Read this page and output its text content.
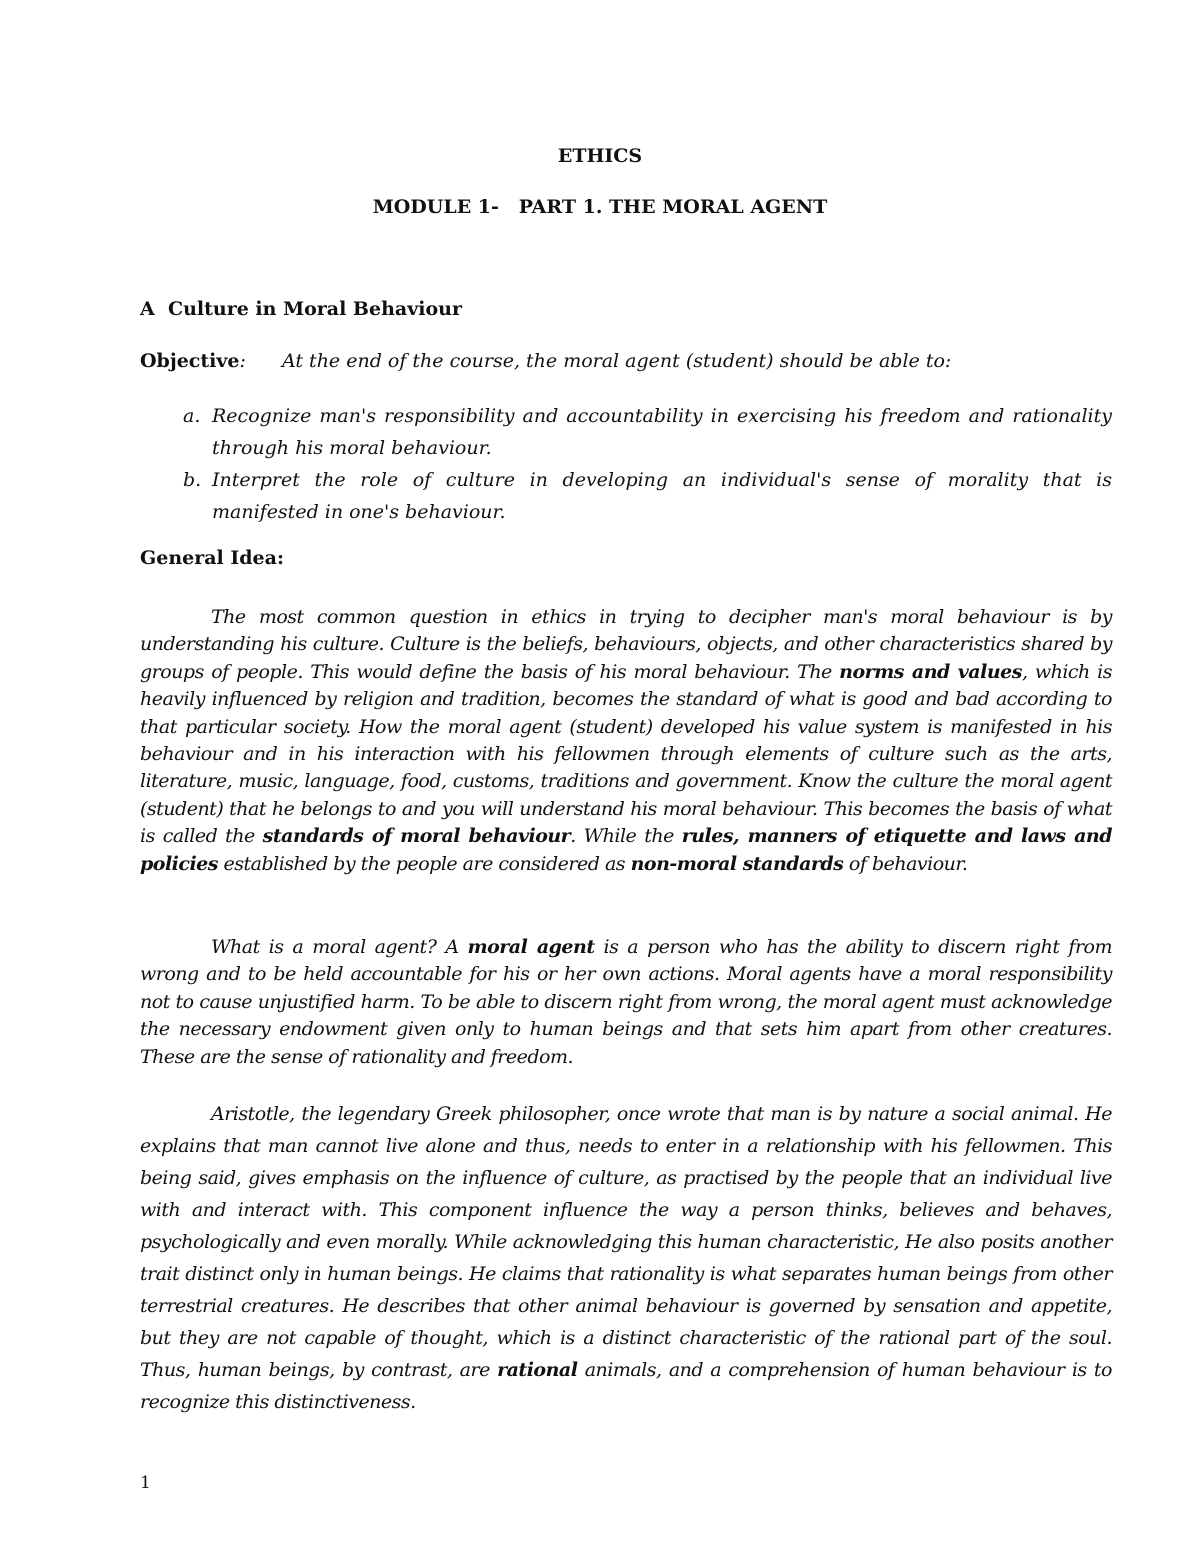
ETHICS
MODULE 1-   PART 1. THE MORAL AGENT
A  Culture in Moral Behaviour
Objective: At the end of the course, the moral agent (student) should be able to:
a. Recognize man's responsibility and accountability in exercising his freedom and rationality through his moral behaviour.
b. Interpret the role of culture in developing an individual's sense of morality that is manifested in one's behaviour.
General Idea:
The most common question in ethics in trying to decipher man's moral behaviour is by understanding his culture. Culture is the beliefs, behaviours, objects, and other characteristics shared by groups of people. This would define the basis of his moral behaviour. The norms and values, which is heavily influenced by religion and tradition, becomes the standard of what is good and bad according to that particular society. How the moral agent (student) developed his value system is manifested in his behaviour and in his interaction with his fellowmen through elements of culture such as the arts, literature, music, language, food, customs, traditions and government. Know the culture the moral agent (student) that he belongs to and you will understand his moral behaviour. This becomes the basis of what is called the standards of moral behaviour. While the rules, manners of etiquette and laws and policies established by the people are considered as non-moral standards of behaviour.
What is a moral agent? A moral agent is a person who has the ability to discern right from wrong and to be held accountable for his or her own actions. Moral agents have a moral responsibility not to cause unjustified harm. To be able to discern right from wrong, the moral agent must acknowledge the necessary endowment given only to human beings and that sets him apart from other creatures. These are the sense of rationality and freedom.
Aristotle, the legendary Greek philosopher, once wrote that man is by nature a social animal. He explains that man cannot live alone and thus, needs to enter in a relationship with his fellowmen. This being said, gives emphasis on the influence of culture, as practised by the people that an individual live with and interact with. This component influence the way a person thinks, believes and behaves, psychologically and even morally. While acknowledging this human characteristic, He also posits another trait distinct only in human beings. He claims that rationality is what separates human beings from other terrestrial creatures. He describes that other animal behaviour is governed by sensation and appetite, but they are not capable of thought, which is a distinct characteristic of the rational part of the soul. Thus, human beings, by contrast, are rational animals, and a comprehension of human behaviour is to recognize this distinctiveness.
1
